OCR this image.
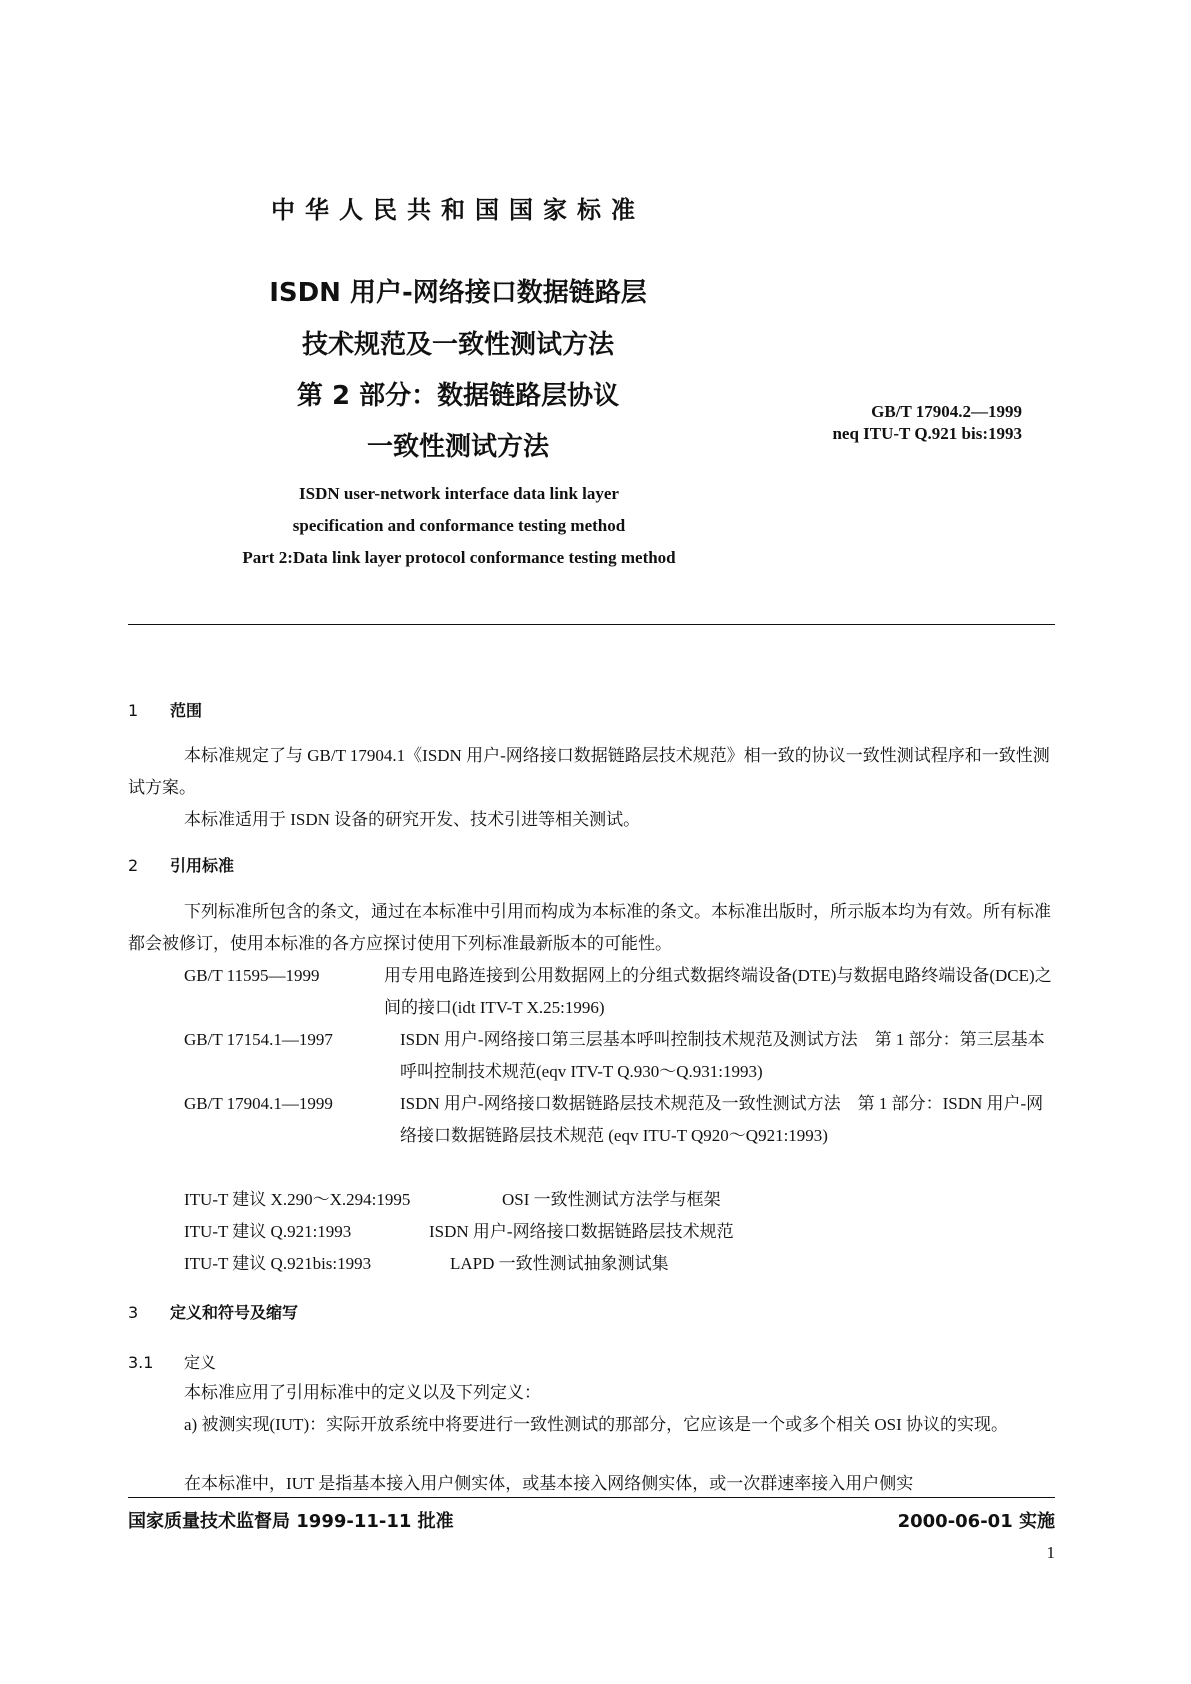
中华人民共和国国家标准
ISDN 用户-网络接口数据链路层
技术规范及一致性测试方法
第 2 部分：数据链路层协议
一致性测试方法
GB/T 17904.2—1999
neq ITU-T Q.921 bis:1993
ISDN user-network interface data link layer
specification and conformance testing method
Part 2:Data link layer protocol conformance testing method
1 范围
本标准规定了与 GB/T 17904.1《ISDN 用户-网络接口数据链路层技术规范》相一致的协议一致性测试程序和一致性测试方案。
本标准适用于 ISDN 设备的研究开发、技术引进等相关测试。
2 引用标准
下列标准所包含的条文，通过在本标准中引用而构成为本标准的条文。本标准出版时，所示版本均为有效。所有标准都会被修订，使用本标准的各方应探讨使用下列标准最新版本的可能性。
GB/T 11595—1999	用专用电路连接到公用数据网上的分组式数据终端设备(DTE)与数据电路终端设备(DCE)之间的接口(idt ITV-T X.25:1996)
GB/T 17154.1—1997	ISDN 用户-网络接口第三层基本呼叫控制技术规范及测试方法　第 1 部分：第三层基本呼叫控制技术规范(eqv ITV-T Q.930～Q.931:1993)
GB/T 17904.1—1999	ISDN 用户-网络接口数据链路层技术规范及一致性测试方法　第 1 部分：ISDN 用户-网络接口数据链路层技术规范 (eqv ITU-T Q920～Q921:1993)
ITU-T 建议 X.290～X.294:1995	OSI 一致性测试方法学与框架
ITU-T 建议 Q.921:1993	ISDN 用户-网络接口数据链路层技术规范
ITU-T 建议 Q.921bis:1993	LAPD 一致性测试抽象测试集
3 定义和符号及缩写
3.1 定义
本标准应用了引用标准中的定义以及下列定义：
a) 被测实现(IUT)：实际开放系统中将要进行一致性测试的那部分，它应该是一个或多个相关 OSI 协议的实现。
在本标准中，IUT 是指基本接入用户侧实体，或基本接入网络侧实体，或一次群速率接入用户侧实
国家质量技术监督局 1999-11-11 批准	2000-06-01 实施
1
